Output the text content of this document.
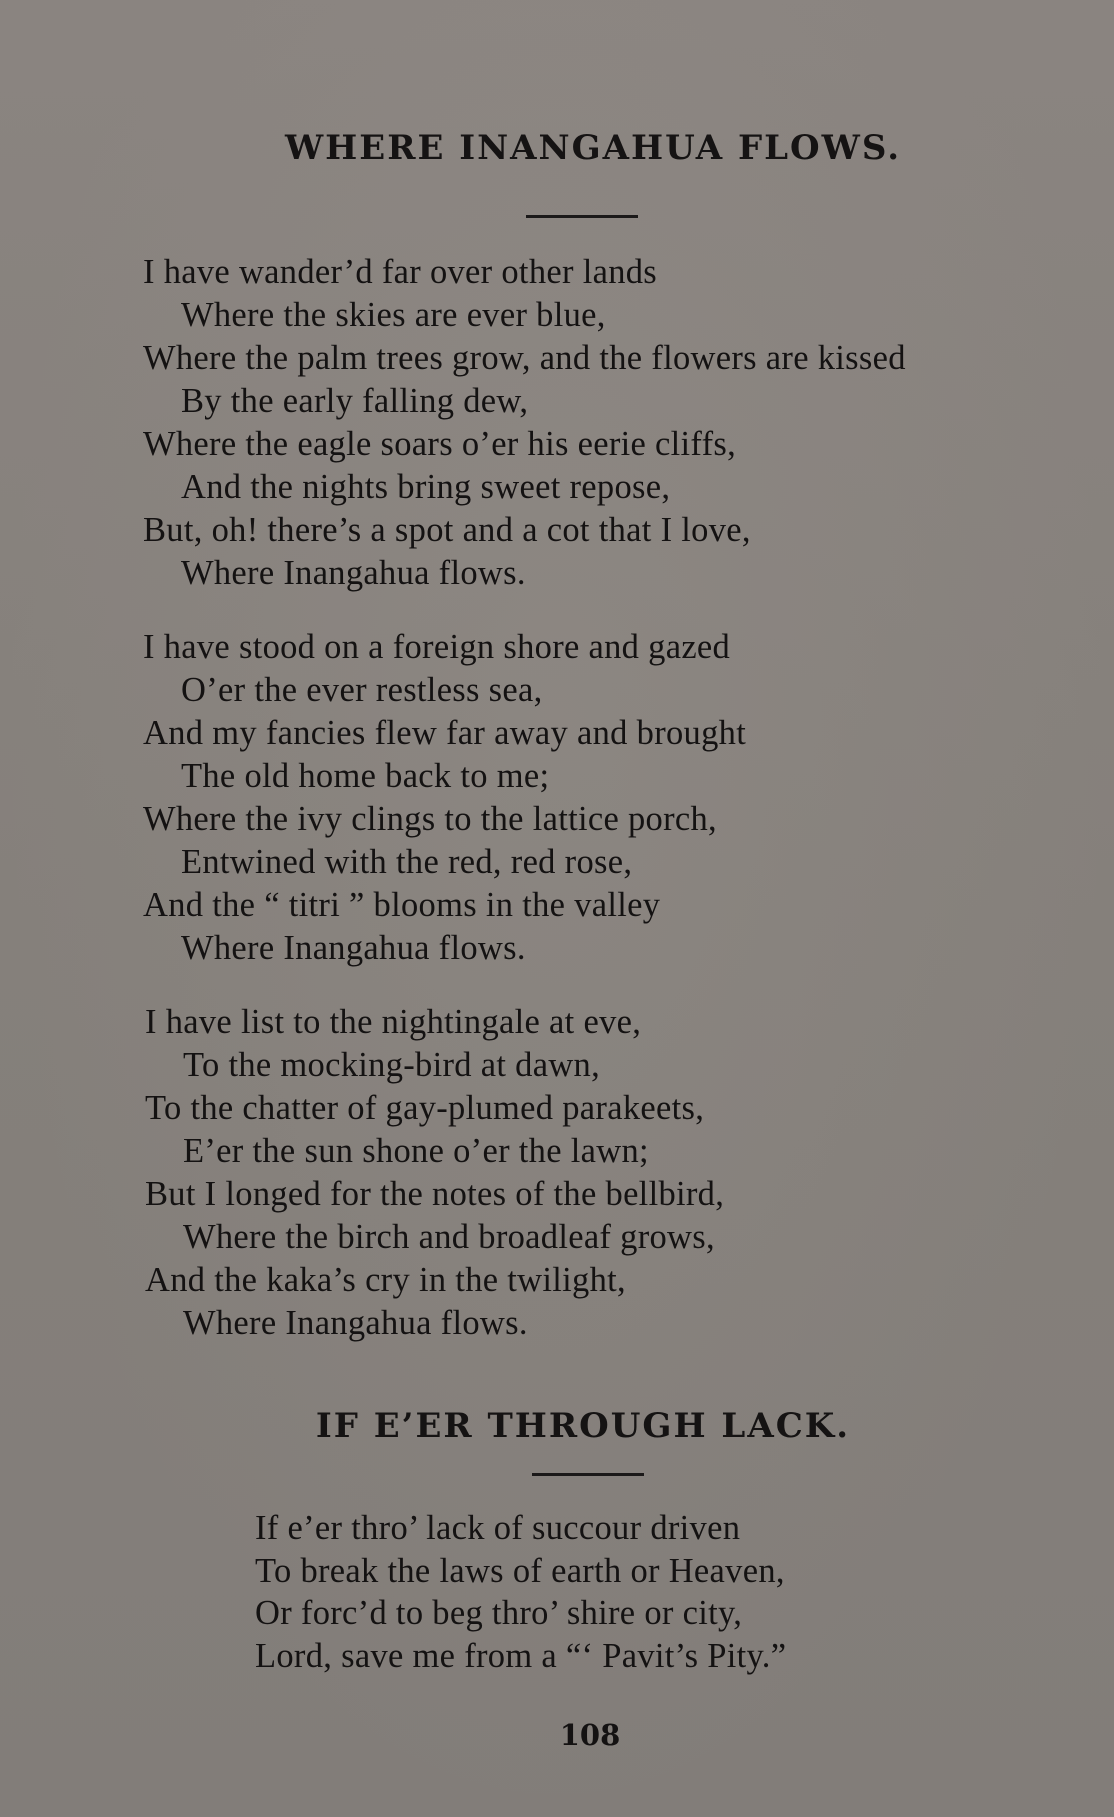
WHERE INANGAHUA FLOWS.
I have wander’d far over other lands
Where the skies are ever blue,
Where the palm trees grow, and the flowers are kissed
By the early falling dew,
Where the eagle soars o’er his eerie cliffs,
And the nights bring sweet repose,
But, oh! there’s a spot and a cot that I love,
Where Inangahua flows.
I have stood on a foreign shore and gazed
O’er the ever restless sea,
And my fancies flew far away and brought
The old home back to me;
Where the ivy clings to the lattice porch,
Entwined with the red, red rose,
And the “ titri ” blooms in the valley
Where Inangahua flows.
I have list to the nightingale at eve,
To the mocking-bird at dawn,
To the chatter of gay-plumed parakeets,
E’er the sun shone o’er the lawn;
But I longed for the notes of the bellbird,
Where the birch and broadleaf grows,
And the kaka’s cry in the twilight,
Where Inangahua flows.
IF E’ER THROUGH LACK.
If e’er thro’ lack of succour driven
To break the laws of earth or Heaven,
Or forc’d to beg thro’ shire or city,
Lord, save me from a “‘ Pavit’s Pity.”
108
